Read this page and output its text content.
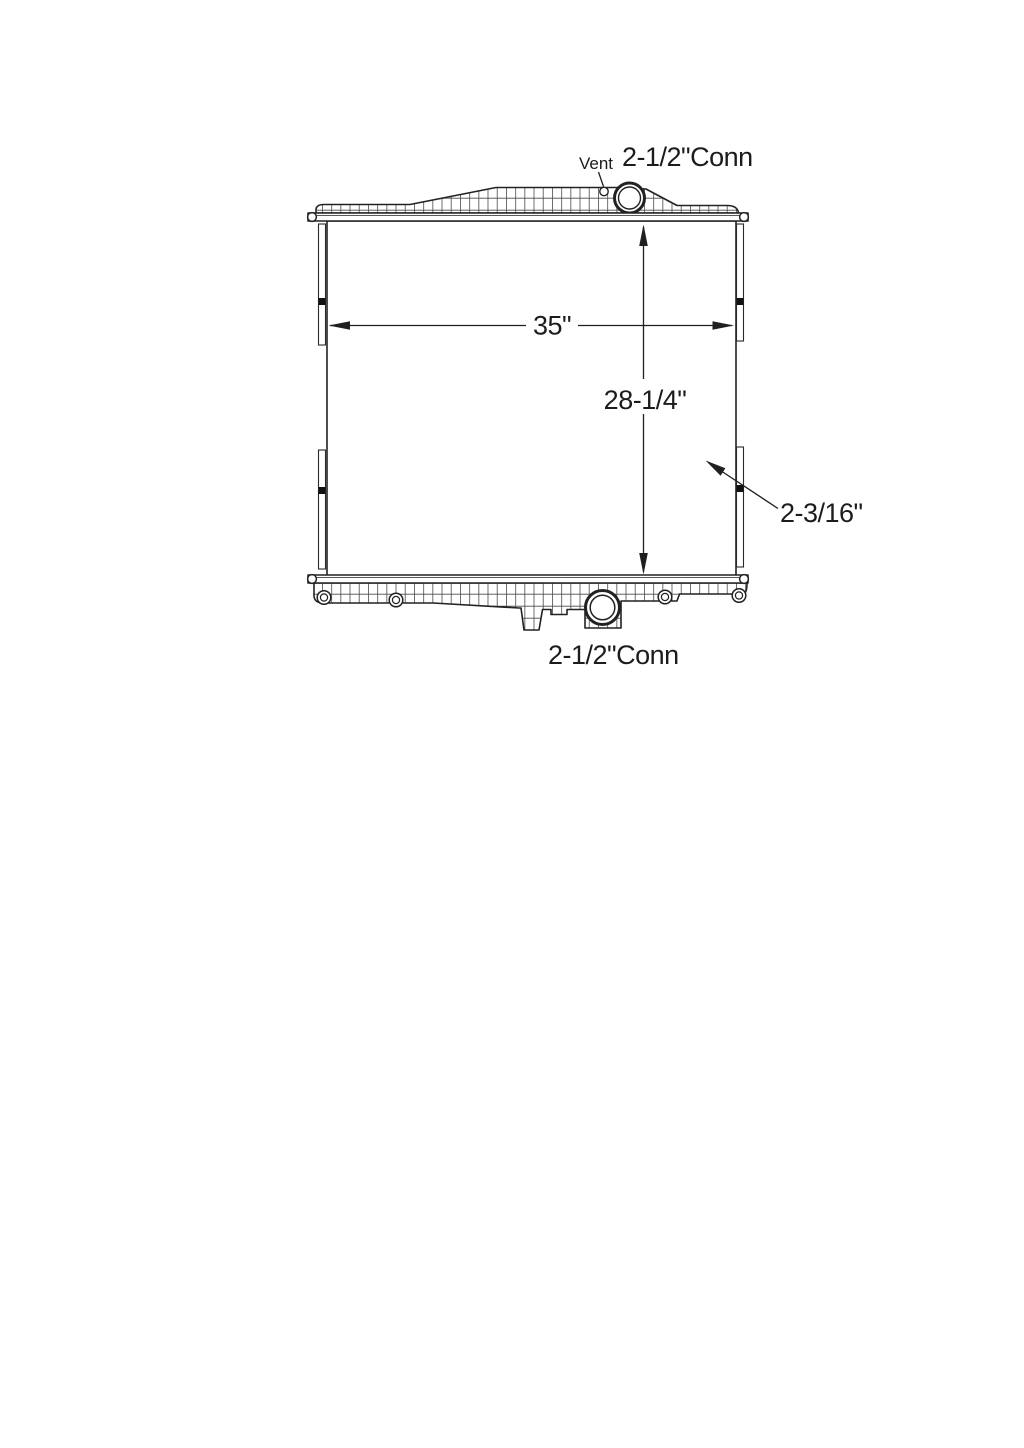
35"
28-1/4"
2-3/16"
Vent 2-1/2"Conn
2-1/2"Conn
